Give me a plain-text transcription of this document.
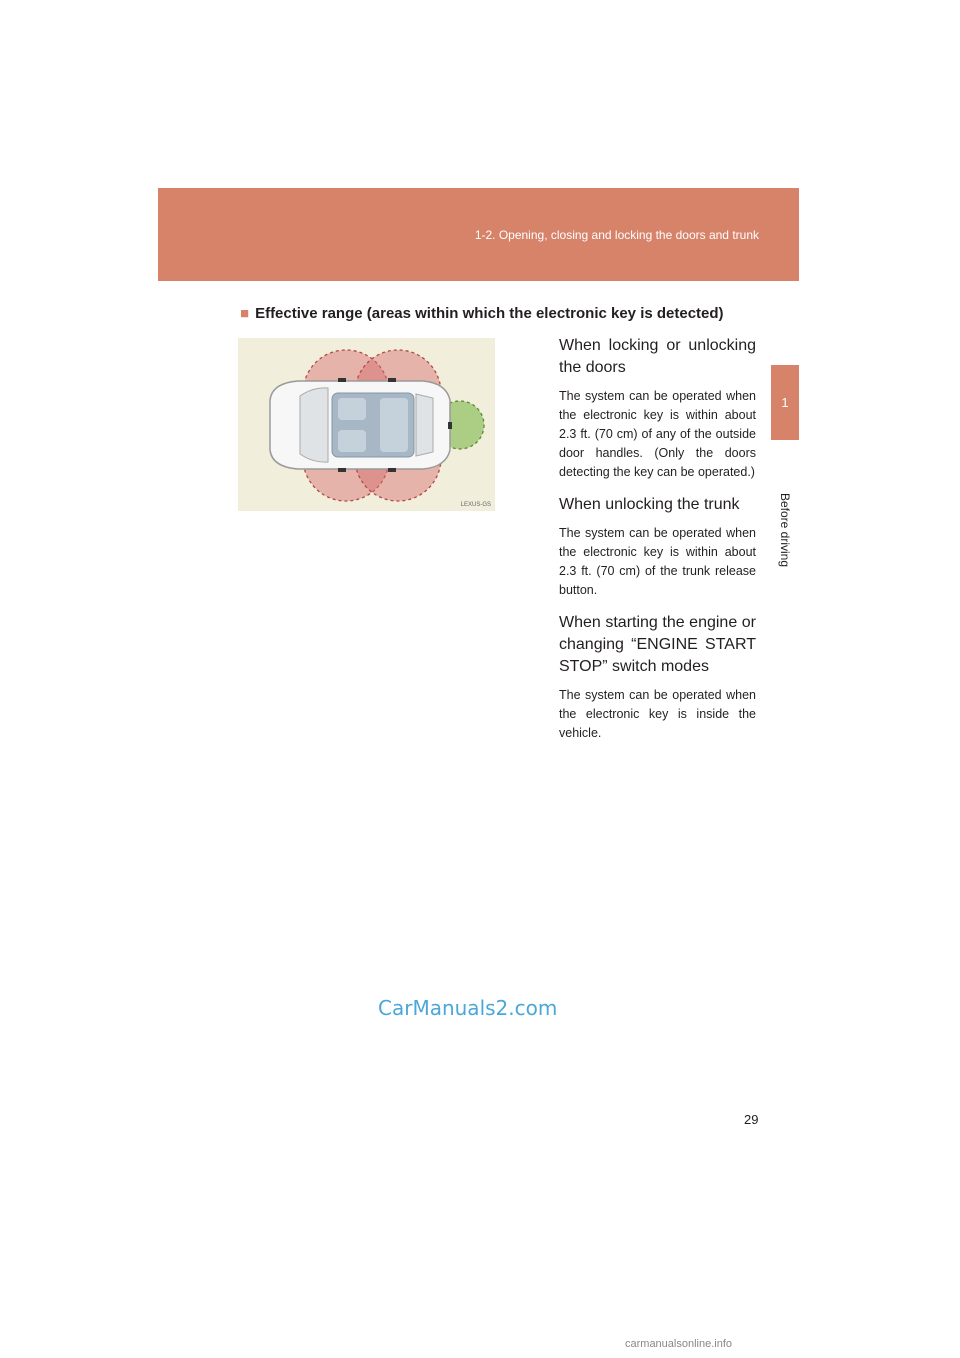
1-2. Opening, closing and locking the doors and trunk
1
Before driving
■ Effective range (areas within which the electronic key is detected)
LEXUS-GS

When locking or unlocking the doors

The system can be operated when the electronic key is within about 2.3 ft. (70 cm) of any of the outside door handles. (Only the doors detecting the key can be operated.)

When unlocking the trunk

The system can be operated when the electronic key is within about 2.3 ft. (70 cm) of the trunk release button.

When starting the engine or changing “ENGINE START STOP” switch modes

The system can be operated when the electronic key is inside the vehicle.

CarManuals2.com
29
carmanualsonline.info
